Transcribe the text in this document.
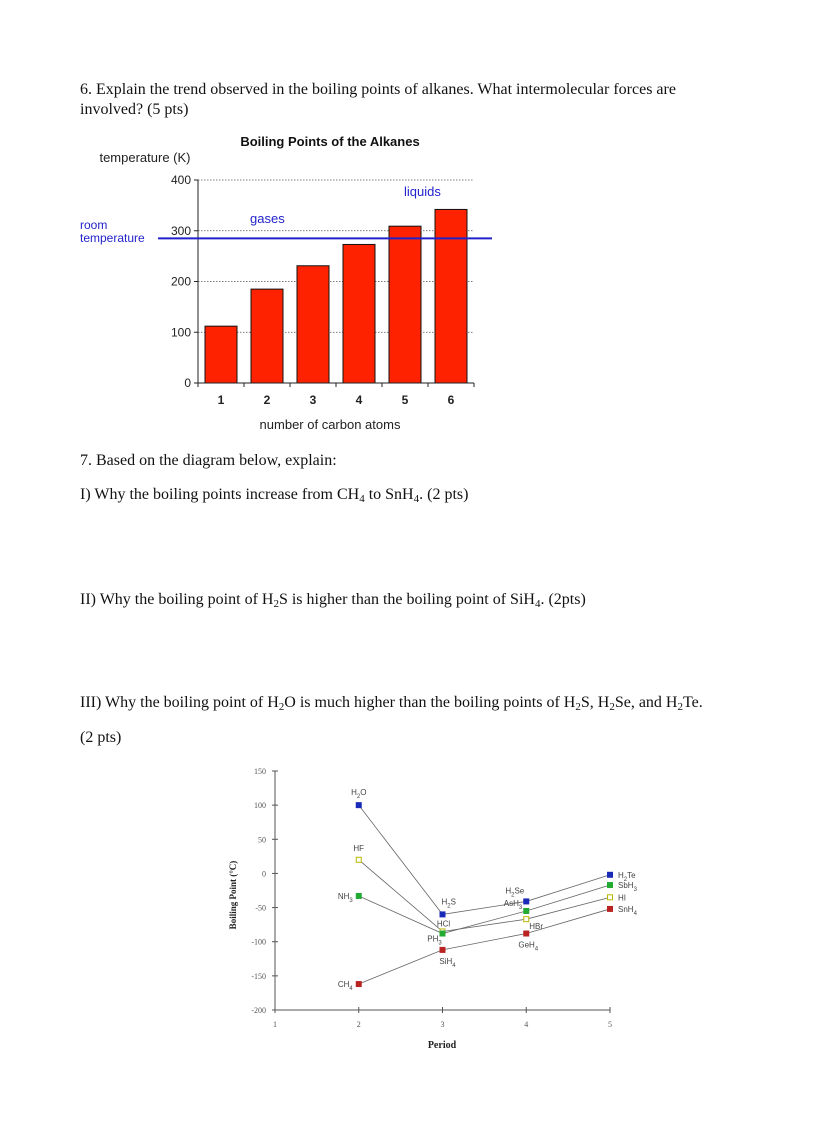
6. Explain the trend observed in the boiling points of alkanes. What intermolecular forces are

involved? (5 pts)

Boiling Points of the Alkanes
temperature (K)
number of carbon atoms
room
temperature
gases
liquids
0
100
200
300
400
1	2	3	4	5	6

7. Based on the diagram below, explain:

I) Why the boiling points increase from $CH_4$ to SnH$_4$. (2 pts)

II) Why the boiling point of $H_2S$ is higher than the boiling point of SiH$_4$. (2pts)

III) Why the boiling point of $H_2O$ is much higher than the boiling points of $H_2S$, $H_2Se$, and $H_2Te$.

(2 pts)

Boiling Point (°C)
Period
150
100
50
0
-50
-100
-150
-200
1	2	3	4	5
$H_2O$
$H_2S$
$H_2Se$
$H_2Te$
HF
HCl	HBr
HI
$NH_3$
$PH_3$
AsH$_3$
SbH$_3$
$CH_4$
SiH$_4$
GeH$_4$
SnH$_4$
